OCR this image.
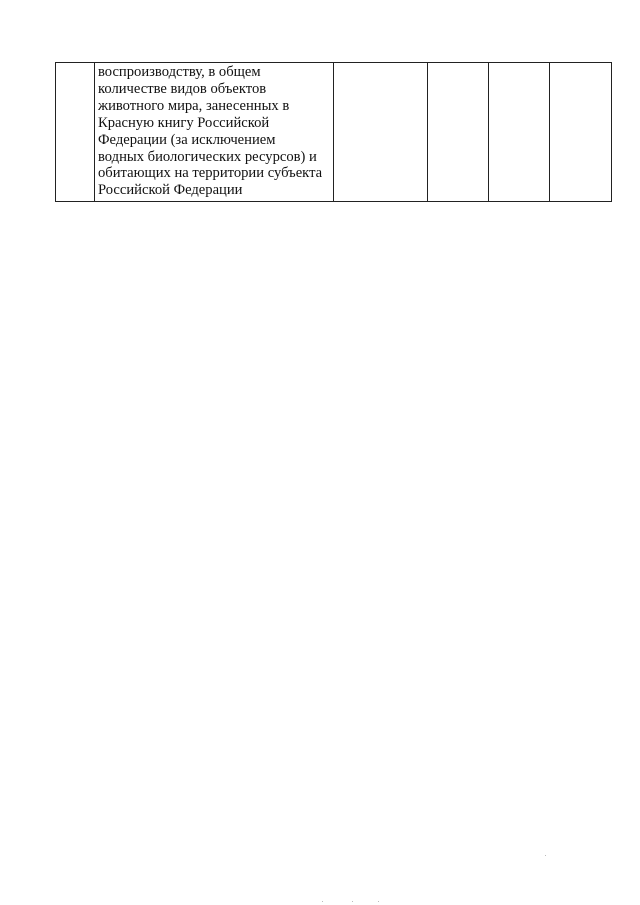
воспроизводству, в общем
количестве видов объектов
животного мира, занесенных в
Красную книгу Российской
Федерации (за исключением
водных биологических ресурсов) и
обитающих на территории субъекта
Российской Федерации
